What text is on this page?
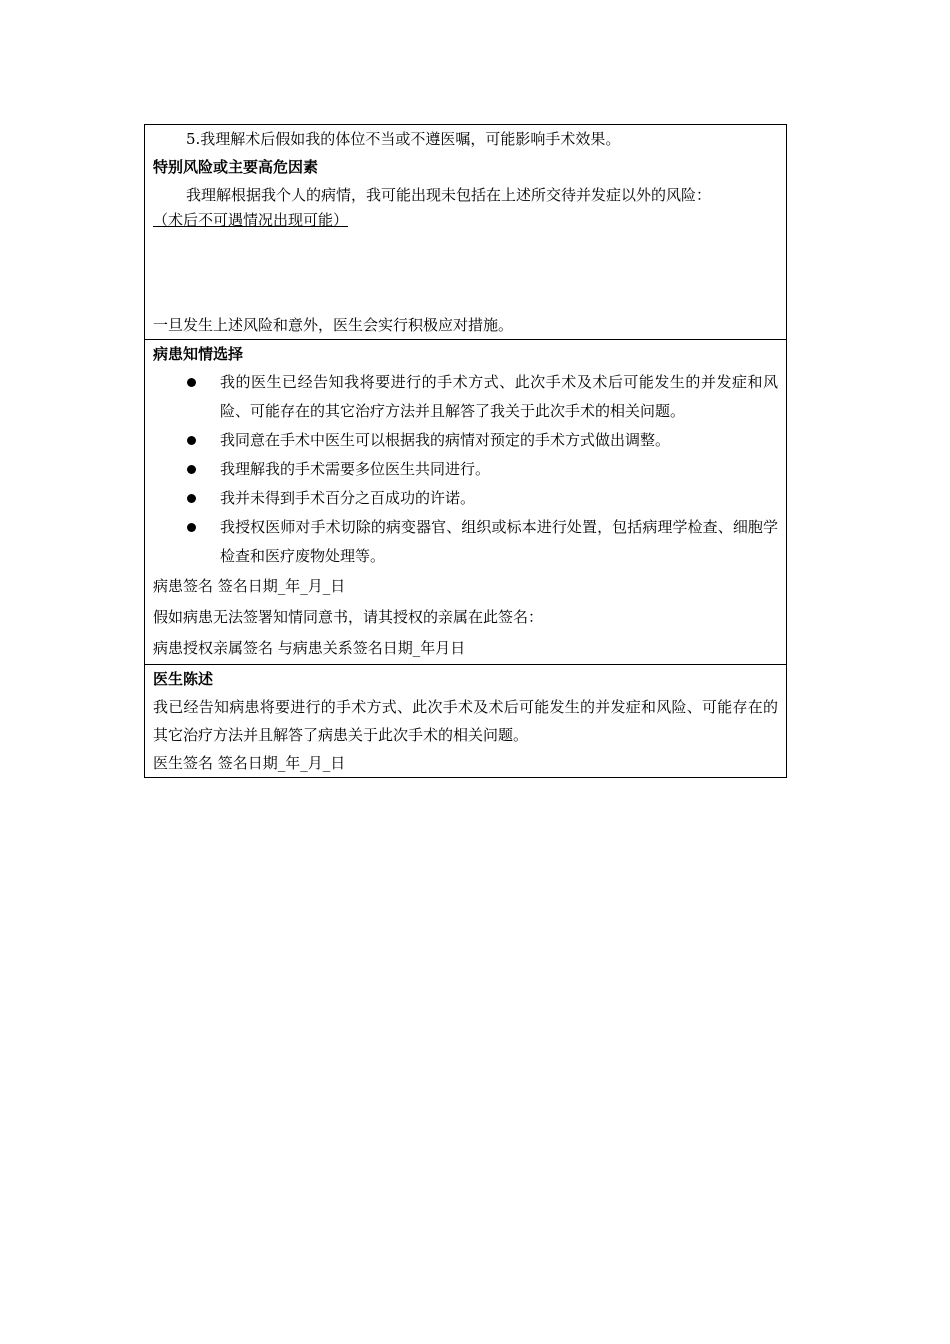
5.我理解术后假如我的体位不当或不遵医嘱，可能影响手术效果。
特别风险或主要高危因素
我理解根据我个人的病情，我可能出现未包括在上述所交待并发症以外的风险：
（术后不可遇情况出现可能）
一旦发生上述风险和意外，医生会实行积极应对措施。
病患知情选择
我的医生已经告知我将要进行的手术方式、此次手术及术后可能发生的并发症和风险、可能存在的其它治疗方法并且解答了我关于此次手术的相关问题。
我同意在手术中医生可以根据我的病情对预定的手术方式做出调整。
我理解我的手术需要多位医生共同进行。
我并未得到手术百分之百成功的许诺。
我授权医师对手术切除的病变器官、组织或标本进行处置，包括病理学检查、细胞学检查和医疗废物处理等。
病患签名 签名日期_年_月_日
假如病患无法签署知情同意书，请其授权的亲属在此签名：
病患授权亲属签名 与病患关系签名日期_年月日
医生陈述
我已经告知病患将要进行的手术方式、此次手术及术后可能发生的并发症和风险、可能存在的其它治疗方法并且解答了病患关于此次手术的相关问题。
医生签名 签名日期_年_月_日
